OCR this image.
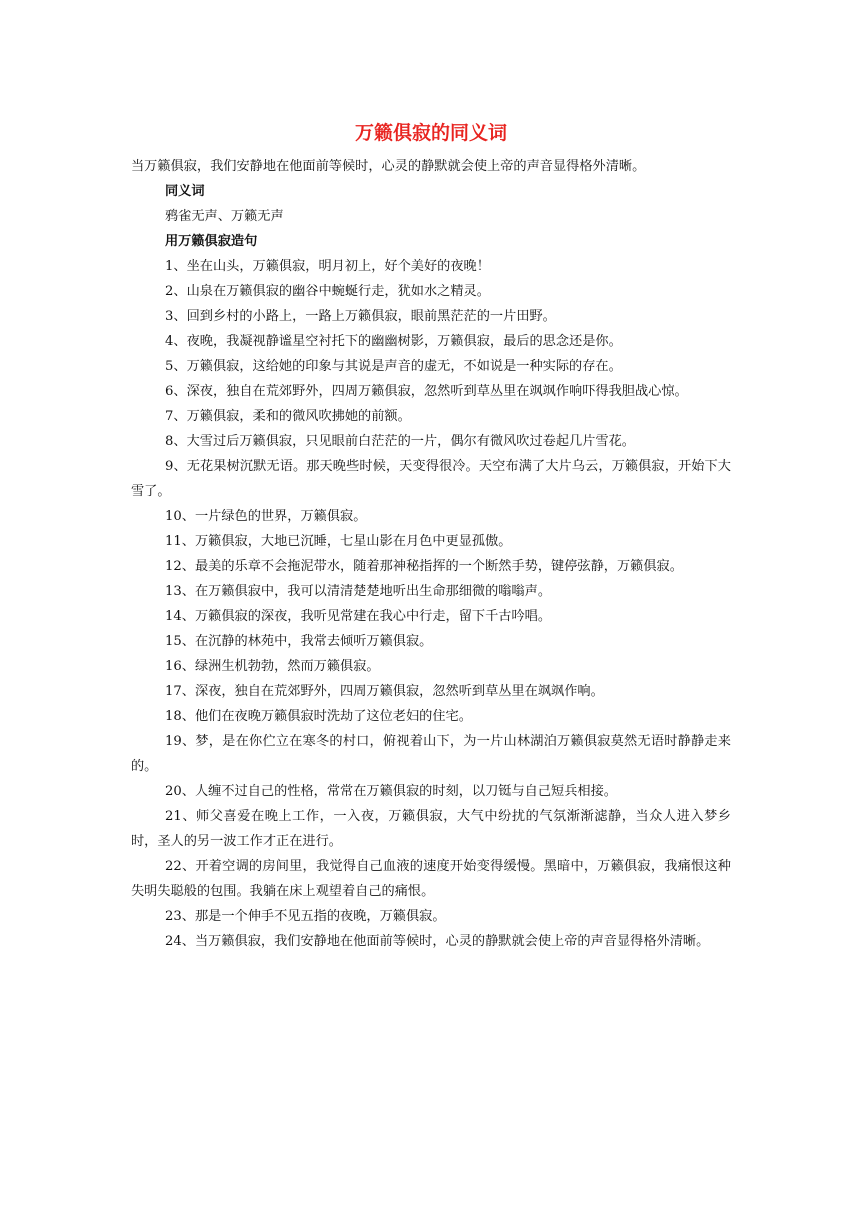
万籁俱寂的同义词

当万籁俱寂，我们安静地在他面前等候时，心灵的静默就会使上帝的声音显得格外清晰。

同义词

鸦雀无声、万籁无声

用万籁俱寂造句

1、坐在山头，万籁俱寂，明月初上，好个美好的夜晚！
2、山泉在万籁俱寂的幽谷中蜿蜒行走，犹如水之精灵。
3、回到乡村的小路上，一路上万籁俱寂，眼前黑茫茫的一片田野。
4、夜晚，我凝视静谧星空衬托下的幽幽树影，万籁俱寂，最后的思念还是你。
5、万籁俱寂，这给她的印象与其说是声音的虚无，不如说是一种实际的存在。
6、深夜，独自在荒郊野外，四周万籁俱寂，忽然听到草丛里在飒飒作响吓得我胆战心惊。
7、万籁俱寂，柔和的微风吹拂她的前额。
8、大雪过后万籁俱寂，只见眼前白茫茫的一片，偶尔有微风吹过卷起几片雪花。
9、无花果树沉默无语。那天晚些时候，天变得很冷。天空布满了大片乌云，万籁俱寂，开始下大雪了。
10、一片绿色的世界，万籁俱寂。
11、万籁俱寂，大地已沉睡，七星山影在月色中更显孤傲。
12、最美的乐章不会拖泥带水，随着那神秘指挥的一个断然手势，键停弦静，万籁俱寂。
13、在万籁俱寂中，我可以清清楚楚地听出生命那细微的嗡嗡声。
14、万籁俱寂的深夜，我听见常建在我心中行走，留下千古吟唱。
15、在沉静的林苑中，我常去倾听万籁俱寂。
16、绿洲生机勃勃，然而万籁俱寂。
17、深夜，独自在荒郊野外，四周万籁俱寂，忽然听到草丛里在飒飒作响。
18、他们在夜晚万籁俱寂时洗劫了这位老妇的住宅。
19、梦，是在你伫立在寒冬的村口，俯视着山下，为一片山林湖泊万籁俱寂莫然无语时静静走来的。
20、人缠不过自己的性格，常常在万籁俱寂的时刻，以刀铤与自己短兵相接。
21、师父喜爱在晚上工作，一入夜，万籁俱寂，大气中纷扰的气氛渐渐滤静，当众人进入梦乡时，圣人的另一波工作才正在进行。
22、开着空调的房间里，我觉得自己血液的速度开始变得缓慢。黑暗中，万籁俱寂，我痛恨这种失明失聪般的包围。我躺在床上观望着自己的痛恨。
23、那是一个伸手不见五指的夜晚，万籁俱寂。
24、当万籁俱寂，我们安静地在他面前等候时，心灵的静默就会使上帝的声音显得格外清晰。
